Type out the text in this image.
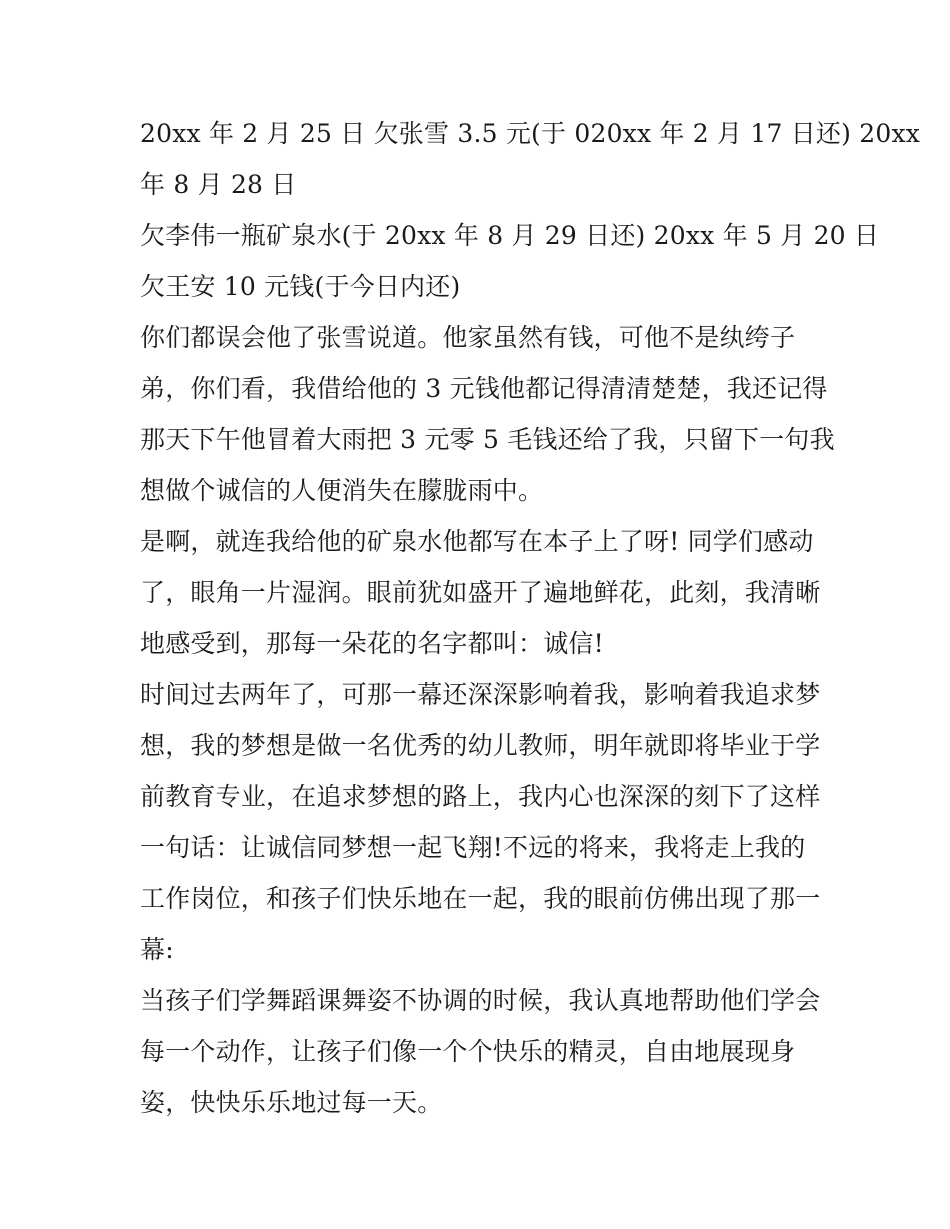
20xx 年 2 月 25 日 欠张雪 3.5 元(于 020xx 年 2 月 17 日还) 20xx
年 8 月 28 日
欠李伟一瓶矿泉水(于 20xx 年 8 月 29 日还) 20xx 年 5 月 20 日
欠王安 10 元钱(于今日内还)
你们都误会他了张雪说道。他家虽然有钱，可他不是纨绔子
弟，你们看，我借给他的 3 元钱他都记得清清楚楚，我还记得
那天下午他冒着大雨把 3 元零 5 毛钱还给了我，只留下一句我
想做个诚信的人便消失在朦胧雨中。
是啊，就连我给他的矿泉水他都写在本子上了呀! 同学们感动
了，眼角一片湿润。眼前犹如盛开了遍地鲜花，此刻，我清晰
地感受到，那每一朵花的名字都叫：诚信!
时间过去两年了，可那一幕还深深影响着我，影响着我追求梦
想，我的梦想是做一名优秀的幼儿教师，明年就即将毕业于学
前教育专业，在追求梦想的路上，我内心也深深的刻下了这样
一句话：让诚信同梦想一起飞翔!不远的将来，我将走上我的
工作岗位，和孩子们快乐地在一起，我的眼前仿佛出现了那一
幕:
当孩子们学舞蹈课舞姿不协调的时候，我认真地帮助他们学会
每一个动作，让孩子们像一个个快乐的精灵，自由地展现身
姿，快快乐乐地过每一天。
